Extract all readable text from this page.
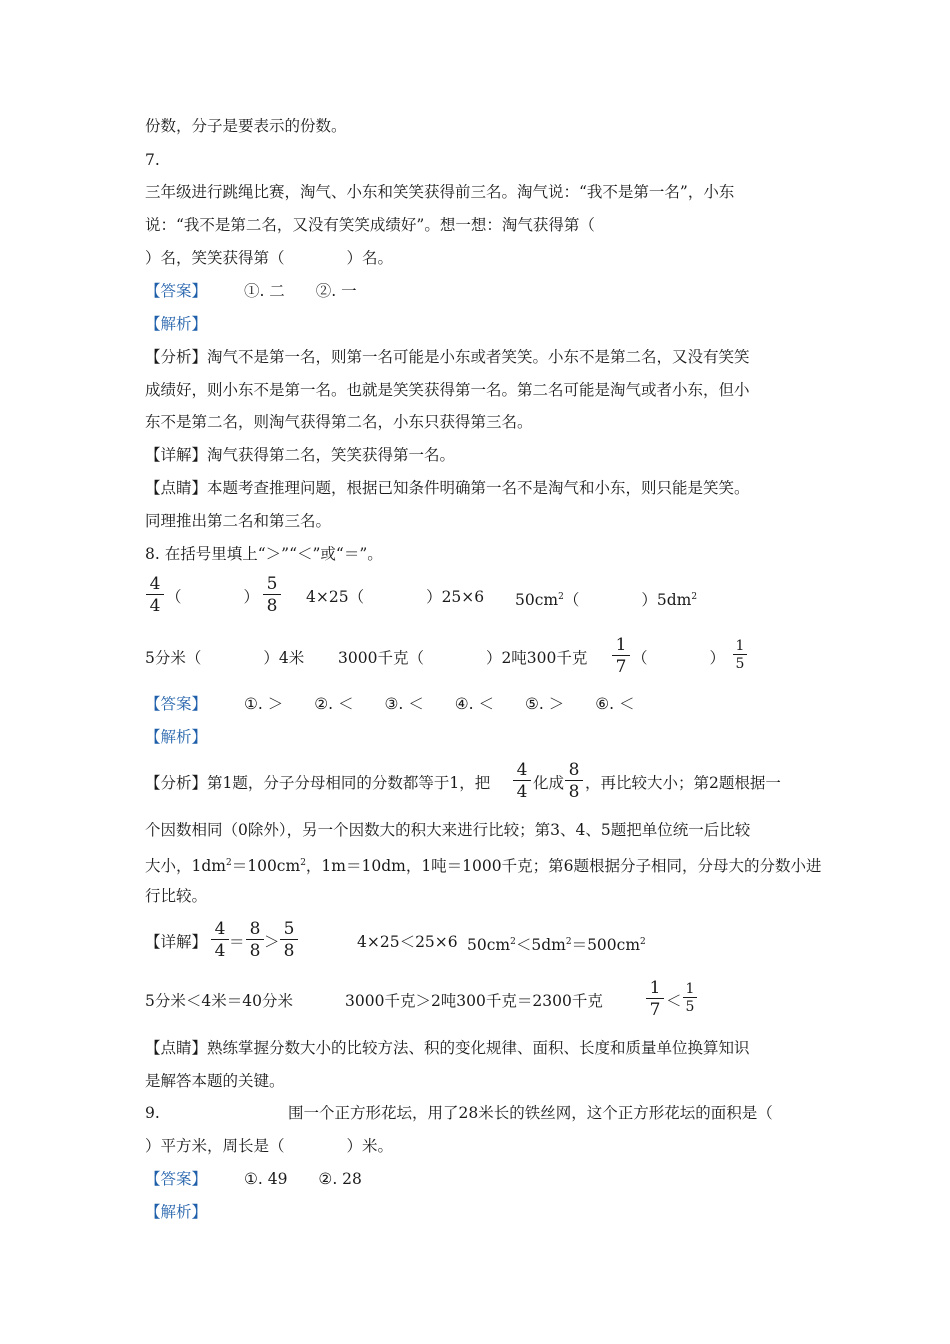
份数，分子是要表示的份数。
7.
三年级进行跳绳比赛，淘气、小东和笑笑获得前三名。淘气说：“我不是第一名”，小东
说：“我不是第二名，又没有笑笑成绩好”。想一想：淘气获得第（
）名，笑笑获得第（　　　　）名。
【答案】 ①. 二　　②. 一
【解析】
【分析】淘气不是第一名，则第一名可能是小东或者笑笑。小东不是第二名，又没有笑笑
成绩好，则小东不是第一名。也就是笑笑获得第一名。第二名可能是淘气或者小东，但小
东不是第二名，则淘气获得第二名，小东只获得第三名。
【详解】淘气获得第二名，笑笑获得第一名。
【点睛】本题考查推理问题，根据已知条件明确第一名不是淘气和小东，则只能是笑笑。
同理推出第二名和第三名。
8. 在括号里填上“＞”“＜”或“＝”。
4
4 （　　　　）
5
8 4×25（　　　　）25×6 $50cm^2$（　　　　）$5dm^2$
5分米（　　　　）4米 3000千克（　　　　）2吨300千克
1
7 （　　　　）
1
5
【答案】 ①. ＞　　②. ＜　　③. ＜　　④. ＜　　⑤. ＞　　⑥. ＜
【解析】
【分析】第1题，分子分母相同的分数都等于1，把
4
4 化成
8
8 ，再比较大小；第2题根据一
个因数相同（0除外），另一个因数大的积大来进行比较；第3、4、5题把单位统一后比较
大小，$1dm^2=100cm^2$，1m＝10dm，1吨＝1000千克；第6题根据分子相同，分母大的分数小进
行比较。
【详解】
4
4 ＝
8
8 ＞
5
8	4×25＜25×6 $50cm^2<5dm^2=500cm^2$
5分米＜4米＝40分米	3000千克＞2吨300千克＝2300千克
1
7 ＜
1
5
【点睛】熟练掌握分数大小的比较方法、积的变化规律、面积、长度和质量单位换算知识
是解答本题的关键。
9.	围一个正方形花坛，用了28米长的铁丝网，这个正方形花坛的面积是（
）平方米，周长是（　　　　）米。
【答案】 ①. 49　　②. 28
【解析】
